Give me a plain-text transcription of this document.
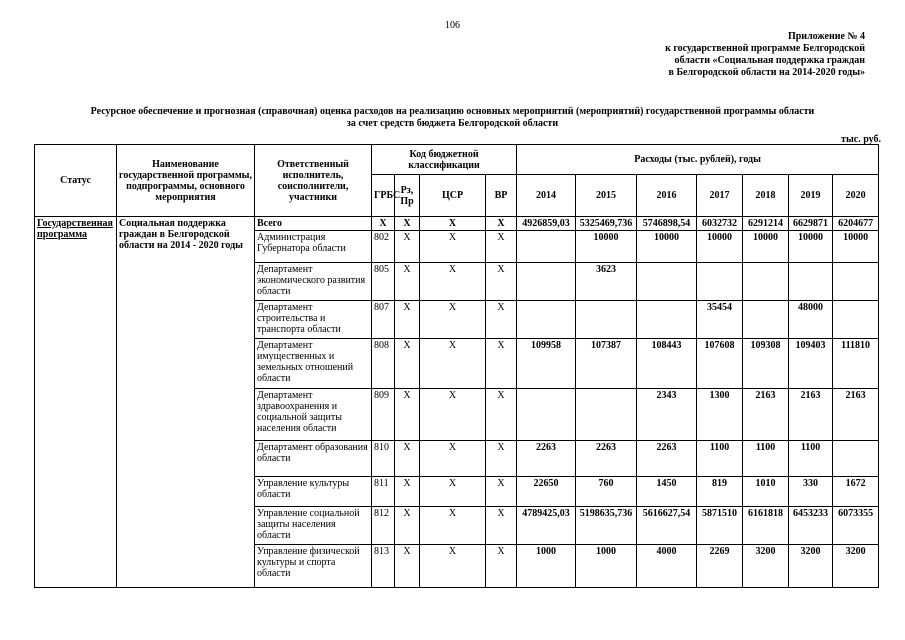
106
Приложение № 4
к государственной программе Белгородской
области «Социальная поддержка граждан
в Белгородской области на 2014-2020 годы»
Ресурсное обеспечение и прогнозная (справочная) оценка расходов на реализацию основных мероприятий (мероприятий) государственной программы области
за счет средств бюджета Белгородской области
тыс. руб.
Статус	Наименование государственной программы, подпрограммы, основного мероприятия	Ответственный исполнитель, соисполнители, участники	Код бюджетной классификации				Расходы (тыс. рублей), годы						
			ГРБС	Рз, Пр	ЦСР	ВР	2014	2015	2016	2017	2018	2019	2020
Государственная программа	Социальная поддержка граждан в Белгородской области на 2014 - 2020 годы	Всего	X	X	X	X	4926859,03	5325469,736	5746898,54	6032732	6291214	6629871	6204677
		Администрация Губернатора области	802	X	X	X		10000	10000	10000	10000	10000	10000
		Департамент экономического развития области	805	X	X	X		3623					
		Департамент строительства и транспорта области	807	X	X	X				35454		48000	
		Департамент имущественных и земельных отношений области	808	X	X	X	109958	107387	108443	107608	109308	109403	111810
		Департамент здравоохранения и социальной защиты населения области	809	X	X	X			2343	1300	2163	2163	2163
		Департамент образования области	810	X	X	X	2263	2263	2263	1100	1100	1100	
		Управление культуры области	811	X	X	X	22650	760	1450	819	1010	330	1672
		Управление социальной защиты населения области	812	X	X	X	4789425,03	5198635,736	5616627,54	5871510	6161818	6453233	6073355
		Управление физической культуры и спорта области	813	X	X	X	1000	1000	4000	2269	3200	3200	3200
